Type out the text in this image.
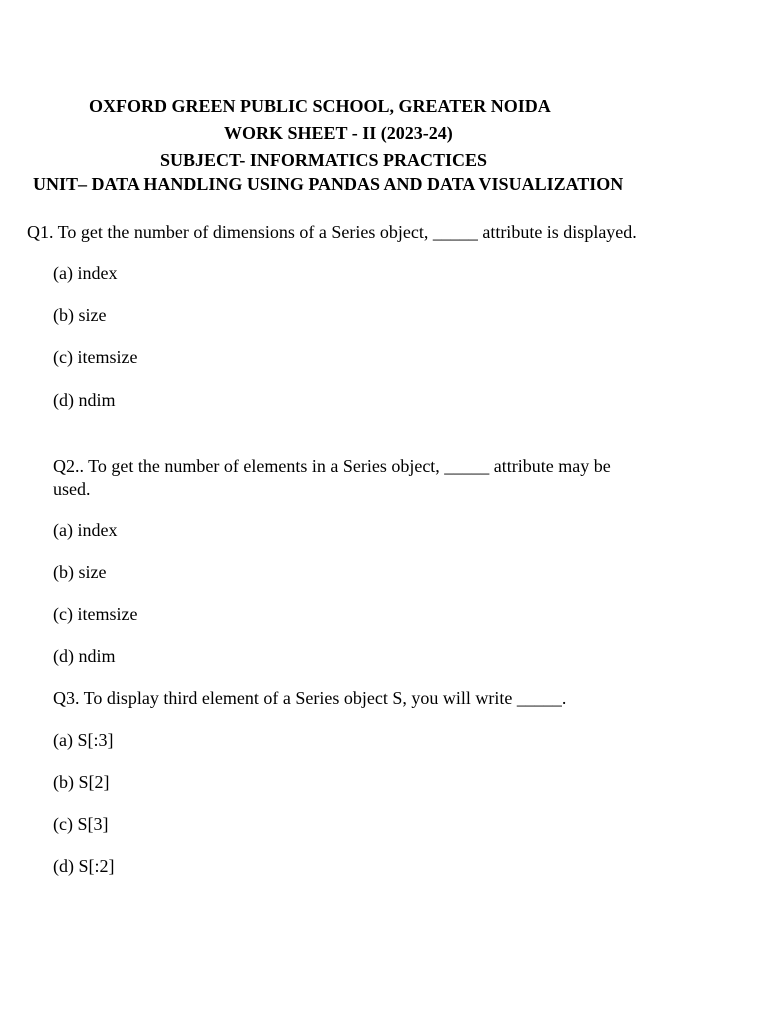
OXFORD GREEN PUBLIC SCHOOL, GREATER NOIDA
WORK SHEET - II (2023-24)
SUBJECT- INFORMATICS PRACTICES
UNIT– DATA HANDLING USING PANDAS AND DATA VISUALIZATION
Q1. To get the number of dimensions of a Series object, _____ attribute is displayed.
(a) index
(b) size
(c) itemsize
(d) ndim
Q2.. To get the number of elements in a Series object, _____ attribute may be
used.
(a) index
(b) size
(c) itemsize
(d) ndim
Q3. To display third element of a Series object S, you will write _____.
(a) S[:3]
(b) S[2]
(c) S[3]
(d) S[:2]
